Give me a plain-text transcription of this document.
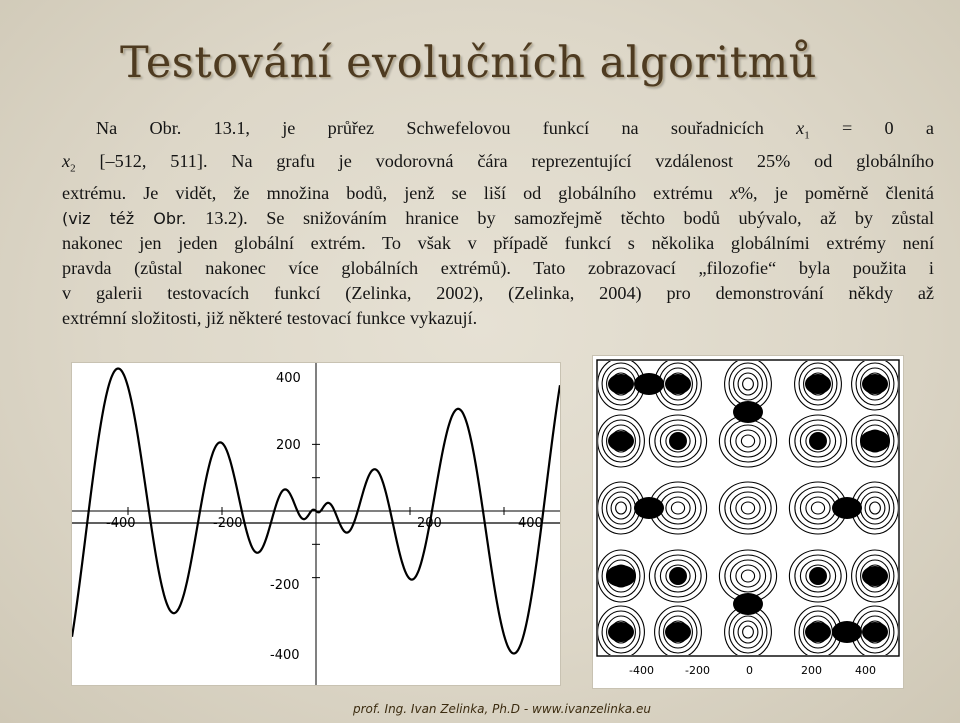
Testování evolučních algoritmů
Na Obr. 13.1, je průřez Schwefelovou funkcí na souřadnicích $x_1 = 0$ a
$x_2$ [–512, 511]. Na grafu je vodorovná čára reprezentující vzdálenost 25% od globálního
extrému. Je vidět, že množina bodů, jenž se liší od globálního extrému x%, je poměrně členitá
(viz též Obr. 13.2). Se snižováním hranice by samozřejmě těchto bodů ubývalo, až by zůstal
nakonec jen jeden globální extrém. To však v případě funkcí s několika globálními extrémy není
pravda (zůstal nakonec více globálních extrémů). Tato zobrazovací „filozofie“ byla použita i
v galerii testovacích funkcí (Zelinka, 2002), (Zelinka, 2004) pro demonstrování někdy až
extrémní složitosti, již některé testovací funkce vykazují.
-400	-200	200	400
400
200
-200
-400
-400	-200	0	200	400
prof. Ing. Ivan Zelinka, Ph.D - www.ivanzelinka.eu
